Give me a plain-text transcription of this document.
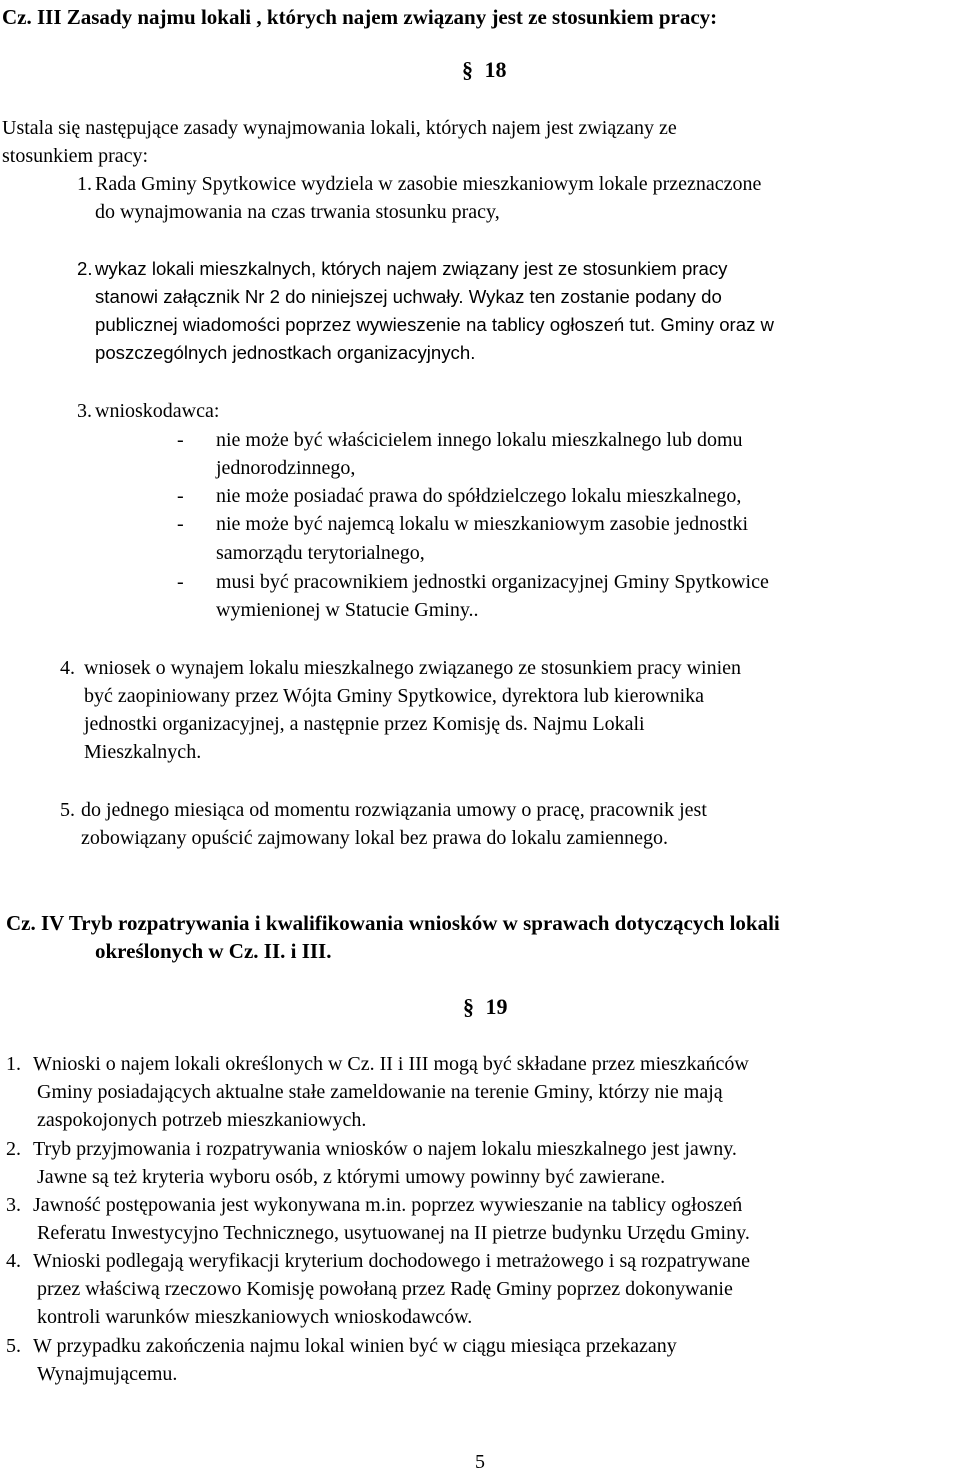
Cz. III Zasady najmu lokali , których najem związany jest ze stosunkiem pracy:
§ 18
Ustala się następujące zasady wynajmowania lokali, których najem jest związany ze
stosunkiem pracy:
1. Rada Gminy Spytkowice wydziela w zasobie mieszkaniowym lokale przeznaczone
do wynajmowania na czas trwania stosunku pracy,
2. wykaz lokali mieszkalnych, których najem związany jest ze stosunkiem pracy
stanowi załącznik Nr 2 do niniejszej uchwały. Wykaz ten zostanie podany do
publicznej wiadomości poprzez wywieszenie na tablicy ogłoszeń tut. Gminy oraz w
poszczególnych jednostkach organizacyjnych.
3. wnioskodawca:
- nie może być właścicielem innego lokalu mieszkalnego lub domu
jednorodzinnego,
- nie może posiadać prawa do spółdzielczego lokalu mieszkalnego,
- nie może być najemcą lokalu w mieszkaniowym zasobie jednostki
samorządu terytorialnego,
- musi być pracownikiem jednostki organizacyjnej Gminy Spytkowice
wymienionej w Statucie Gminy..
4. wniosek o wynajem lokalu mieszkalnego związanego ze stosunkiem pracy winien
być zaopiniowany przez Wójta Gminy Spytkowice, dyrektora lub kierownika
jednostki organizacyjnej, a następnie przez Komisję ds. Najmu Lokali
Mieszkalnych.
5. do jednego miesiąca od momentu rozwiązania umowy o pracę, pracownik jest
zobowiązany opuścić zajmowany lokal bez prawa do lokalu zamiennego.
Cz. IV Tryb rozpatrywania i kwalifikowania wniosków w sprawach dotyczących lokali
określonych w Cz. II. i III.
§ 19
1. Wnioski o najem lokali określonych w Cz. II i III mogą być składane przez mieszkańców
Gminy posiadających aktualne stałe zameldowanie na terenie Gminy, którzy nie mają
zaspokojonych potrzeb mieszkaniowych.
2. Tryb przyjmowania i rozpatrywania wniosków o najem lokalu mieszkalnego jest jawny.
Jawne są też kryteria wyboru osób, z którymi umowy powinny być zawierane.
3. Jawność postępowania jest wykonywana m.in. poprzez wywieszanie na tablicy ogłoszeń
Referatu Inwestycyjno Technicznego, usytuowanej na II pietrze budynku Urzędu Gminy.
4. Wnioski podlegają weryfikacji kryterium dochodowego i metrażowego i są rozpatrywane
przez właściwą rzeczowo Komisję powołaną przez Radę Gminy poprzez dokonywanie
kontroli warunków mieszkaniowych wnioskodawców.
5. W przypadku zakończenia najmu lokal winien być w ciągu miesiąca przekazany
Wynajmującemu.
5
